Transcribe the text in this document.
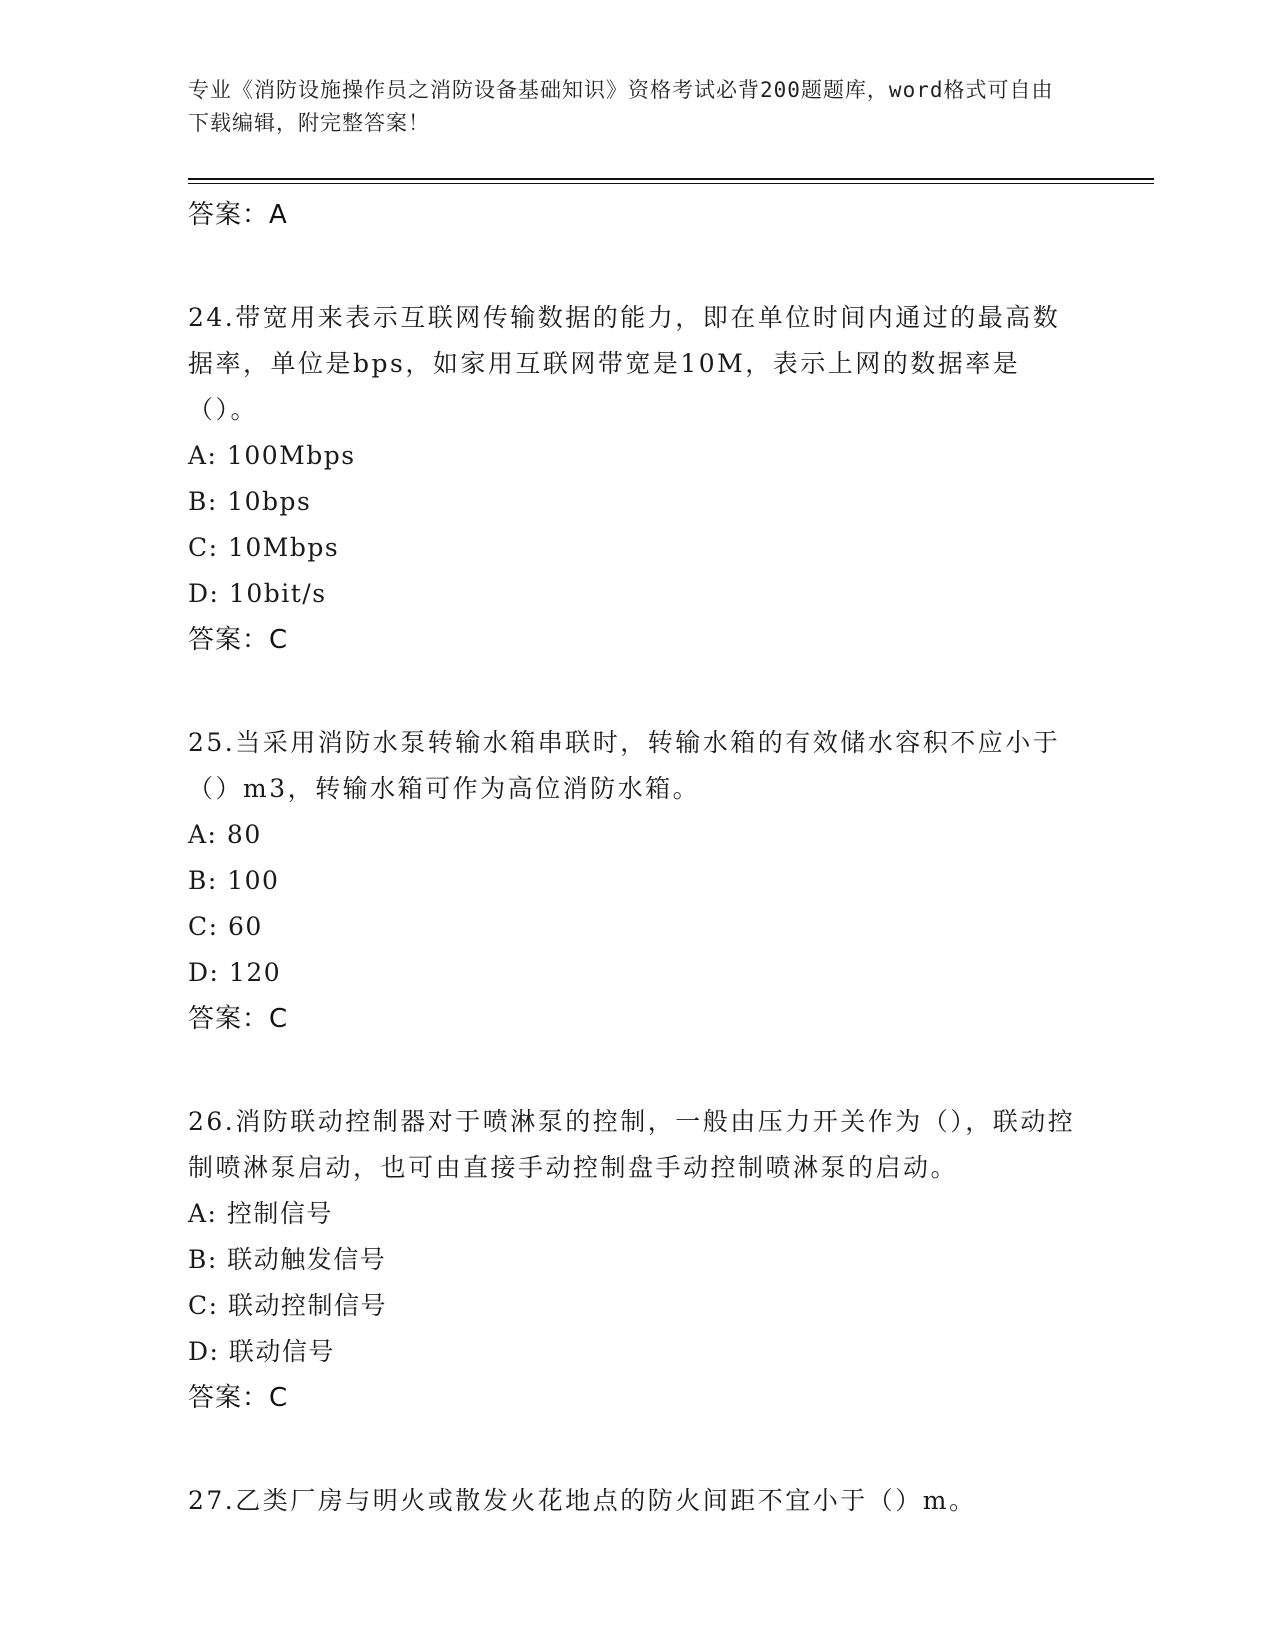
专业《消防设施操作员之消防设备基础知识》资格考试必背200题题库，word格式可自由下载编辑，附完整答案！

答案：A

24.带宽用来表示互联网传输数据的能力，即在单位时间内通过的最高数据率，单位是bps，如家用互联网带宽是10M，表示上网的数据率是（）。

A: 100Mbps

B: 10bps

C: 10Mbps

D: 10bit/s

答案：C

25.当采用消防水泵转输水箱串联时，转输水箱的有效储水容积不应小于（）m3，转输水箱可作为高位消防水箱。

A: 80

B: 100

C: 60

D: 120

答案：C

26.消防联动控制器对于喷淋泵的控制，一般由压力开关作为（），联动控制喷淋泵启动，也可由直接手动控制盘手动控制喷淋泵的启动。

A: 控制信号

B: 联动触发信号

C: 联动控制信号

D: 联动信号

答案：C

27.乙类厂房与明火或散发火花地点的防火间距不宜小于（）m。
